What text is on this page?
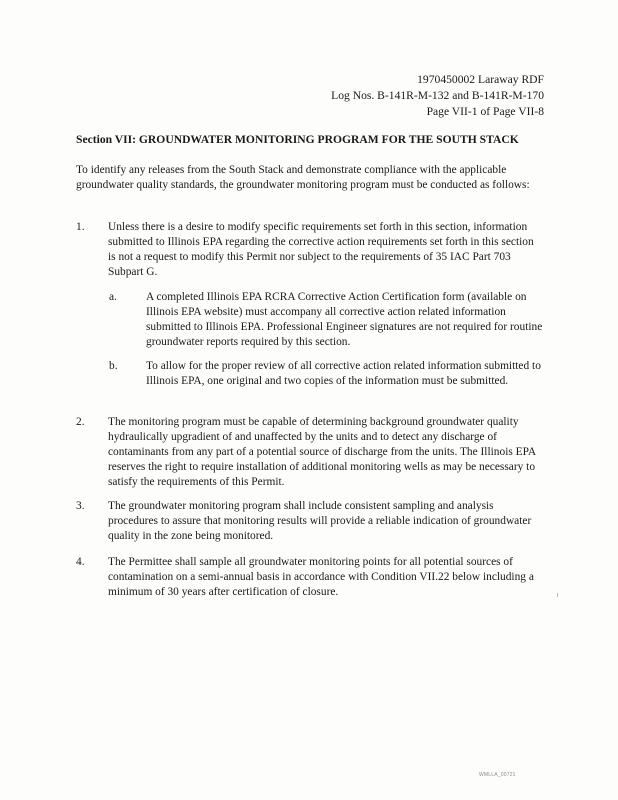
1970450002 Laraway RDF
Log Nos. B-141R-M-132 and B-141R-M-170
Page VII-1 of Page VII-8
Section VII: GROUNDWATER MONITORING PROGRAM FOR THE SOUTH STACK
To identify any releases from the South Stack and demonstrate compliance with the applicable groundwater quality standards, the groundwater monitoring program must be conducted as follows:
1. Unless there is a desire to modify specific requirements set forth in this section, information submitted to Illinois EPA regarding the corrective action requirements set forth in this section is not a request to modify this Permit nor subject to the requirements of 35 IAC Part 703 Subpart G.
a.	A completed Illinois EPA RCRA Corrective Action Certification form (available on Illinois EPA website) must accompany all corrective action related information submitted to Illinois EPA. Professional Engineer signatures are not required for routine groundwater reports required by this section.
b. To allow for the proper review of all corrective action related information submitted to Illinois EPA, one original and two copies of the information must be submitted.
2. The monitoring program must be capable of determining background groundwater quality hydraulically upgradient of and unaffected by the units and to detect any discharge of contaminants from any part of a potential source of discharge from the units. The Illinois EPA reserves the right to require installation of additional monitoring wells as may be necessary to satisfy the requirements of this Permit.
3. The groundwater monitoring program shall include consistent sampling and analysis procedures to assure that monitoring results will provide a reliable indication of groundwater quality in the zone being monitored.
4. The Permittee shall sample all groundwater monitoring points for all potential sources of contamination on a semi-annual basis in accordance with Condition VII.22 below including a minimum of 30 years after certification of closure.
WMLLA_00721
